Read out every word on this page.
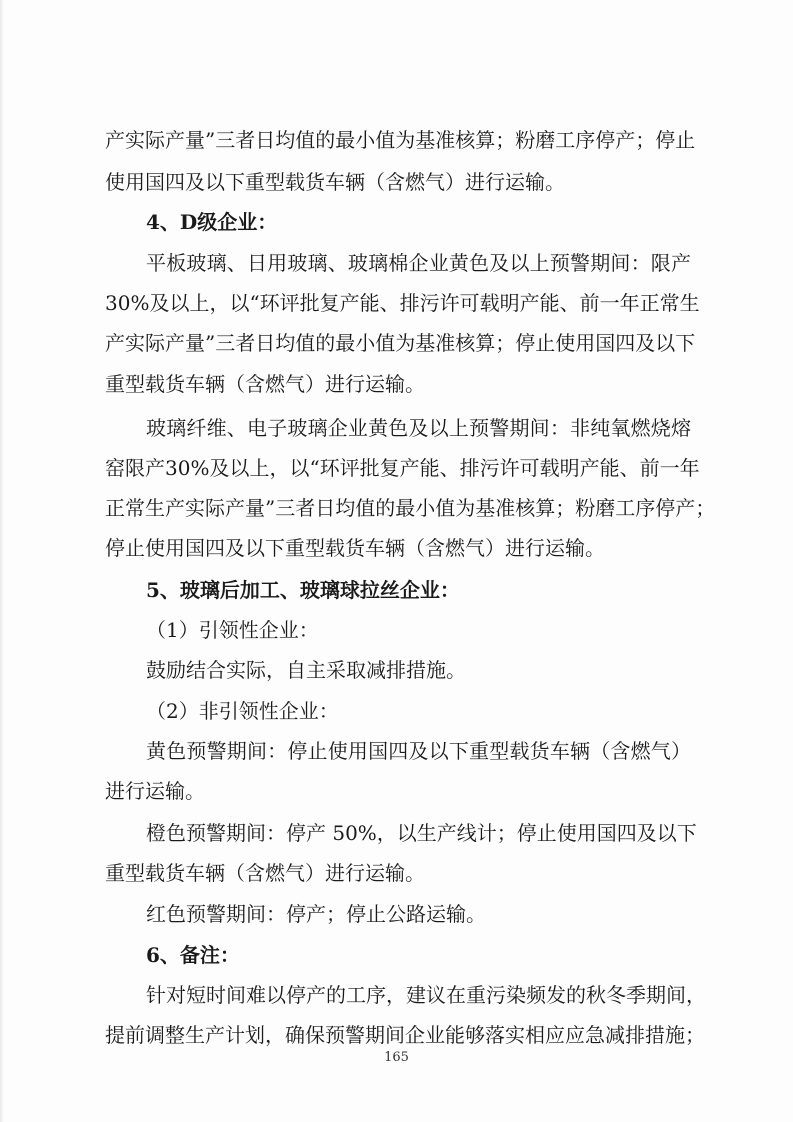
产实际产量”三者日均值的最小值为基准核算；粉磨工序停产；停止
使用国四及以下重型载货车辆（含燃气）进行运输。
4、D级企业：
平板玻璃、日用玻璃、玻璃棉企业黄色及以上预警期间：限产
30%及以上，以“环评批复产能、排污许可载明产能、前一年正常生
产实际产量”三者日均值的最小值为基准核算；停止使用国四及以下
重型载货车辆（含燃气）进行运输。
玻璃纤维、电子玻璃企业黄色及以上预警期间：非纯氧燃烧熔
窑限产30%及以上，以“环评批复产能、排污许可载明产能、前一年
正常生产实际产量”三者日均值的最小值为基准核算；粉磨工序停产；
停止使用国四及以下重型载货车辆（含燃气）进行运输。
5、玻璃后加工、玻璃球拉丝企业：
（1）引领性企业：
鼓励结合实际，自主采取减排措施。
（2）非引领性企业：
黄色预警期间：停止使用国四及以下重型载货车辆（含燃气）
进行运输。
橙色预警期间：停产 50%，以生产线计；停止使用国四及以下
重型载货车辆（含燃气）进行运输。
红色预警期间：停产；停止公路运输。
6、备注：
针对短时间难以停产的工序，建议在重污染频发的秋冬季期间，
提前调整生产计划，确保预警期间企业能够落实相应应急减排措施；
165
